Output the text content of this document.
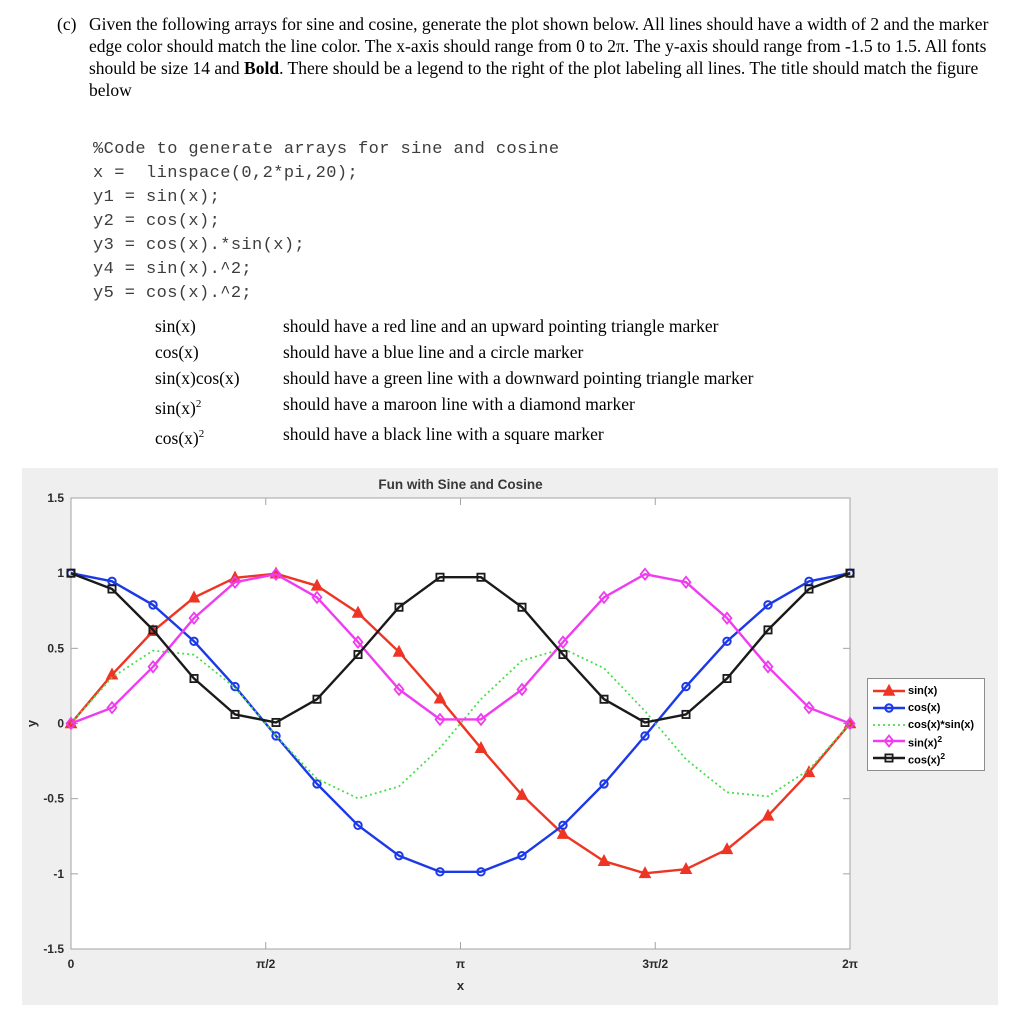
(c) Given the following arrays for sine and cosine, generate the plot shown below. All lines should have a width of 2 and the marker edge color should match the line color. The x-axis should range from 0 to 2π. The y-axis should range from -1.5 to 1.5. All fonts should be size 14 and Bold. There should be a legend to the right of the plot labeling all lines. The title should match the figure below

%Code to generate arrays for sine and cosine
x =  linspace(0,2*pi,20);
y1 = sin(x);
y2 = cos(x);
y3 = cos(x).*sin(x);
y4 = sin(x).^2;
y5 = cos(x).^2;
sin(x)	should have a red line and an upward pointing triangle marker
cos(x)	should have a blue line and a circle marker
sin(x)cos(x)	should have a green line with a downward pointing triangle marker
$\sin(x)^2$	should have a maroon line with a diamond marker
$\cos(x)^2$	should have a black line with a square marker
0	π/2	π	3π/2	2π
-1.5
-1
-0.5
0
0.5
1
1.5
Fun with Sine and Cosine
x
y
sin(x)
cos(x)
cos(x)*sin(x)
$\sin(x)^2$
$\cos(x)^2$
